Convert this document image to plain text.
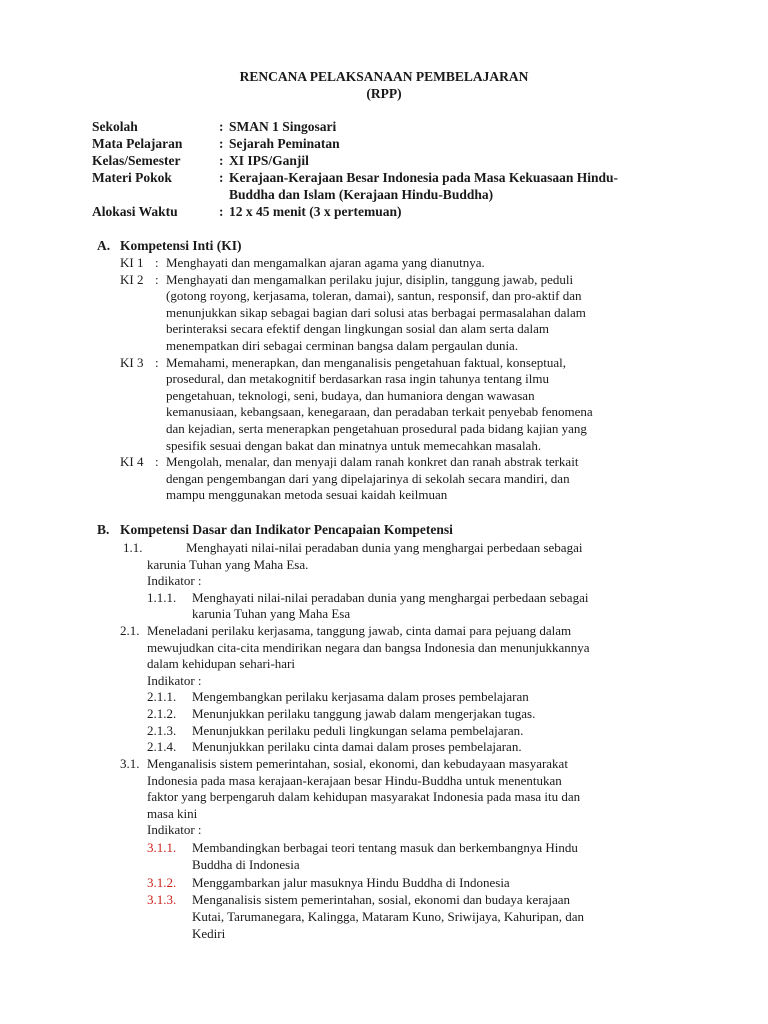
RENCANA PELAKSANAAN PEMBELAJARAN
(RPP)
Sekolah	: SMAN 1 Singosari
Mata Pelajaran	: Sejarah Peminatan
Kelas/Semester	: XI IPS/Ganjil
Materi Pokok	: Kerajaan-Kerajaan Besar Indonesia pada Masa Kekuasaan Hindu-
Buddha dan Islam (Kerajaan Hindu-Buddha)
Alokasi Waktu	: 12 x 45 menit (3 x pertemuan)
A. Kompetensi Inti (KI)
KI 1 : Menghayati dan mengamalkan ajaran agama yang dianutnya.
KI 2 : Menghayati dan mengamalkan perilaku jujur, disiplin, tanggung jawab, peduli
(gotong royong, kerjasama, toleran, damai), santun, responsif, dan pro-aktif dan
menunjukkan sikap sebagai bagian dari solusi atas berbagai permasalahan dalam
berinteraksi secara efektif dengan lingkungan sosial dan alam serta dalam
menempatkan diri sebagai cerminan bangsa dalam pergaulan dunia.
KI 3 : Memahami, menerapkan, dan menganalisis pengetahuan faktual, konseptual,
prosedural, dan metakognitif berdasarkan rasa ingin tahunya tentang ilmu
pengetahuan, teknologi, seni, budaya, dan humaniora dengan wawasan
kemanusiaan, kebangsaan, kenegaraan, dan peradaban terkait penyebab fenomena
dan kejadian, serta menerapkan pengetahuan prosedural pada bidang kajian yang
spesifik sesuai dengan bakat dan minatnya untuk memecahkan masalah.
KI 4 : Mengolah, menalar, dan menyaji dalam ranah konkret dan ranah abstrak terkait
dengan pengembangan dari yang dipelajarinya di sekolah secara mandiri, dan
mampu menggunakan metoda sesuai kaidah keilmuan
B. Kompetensi Dasar dan Indikator Pencapaian Kompetensi
1.1.	Menghayati nilai-nilai peradaban dunia yang menghargai perbedaan sebagai
karunia Tuhan yang Maha Esa.
Indikator :
1.1.1. Menghayati nilai-nilai peradaban dunia yang menghargai perbedaan sebagai
karunia Tuhan yang Maha Esa
2.1. Meneladani perilaku kerjasama, tanggung jawab, cinta damai para pejuang dalam
mewujudkan cita-cita mendirikan negara dan bangsa Indonesia dan menunjukkannya
dalam kehidupan sehari-hari
Indikator :
2.1.1. Mengembangkan perilaku kerjasama dalam proses pembelajaran
2.1.2. Menunjukkan perilaku tanggung jawab dalam mengerjakan tugas.
2.1.3. Menunjukkan perilaku peduli lingkungan selama pembelajaran.
2.1.4. Menunjukkan perilaku cinta damai dalam proses pembelajaran.
3.1. Menganalisis sistem pemerintahan, sosial, ekonomi, dan kebudayaan masyarakat
Indonesia pada masa kerajaan-kerajaan besar Hindu-Buddha untuk menentukan
faktor yang berpengaruh dalam kehidupan masyarakat Indonesia pada masa itu dan
masa kini
Indikator :
3.1.1. Membandingkan berbagai teori tentang masuk dan berkembangnya Hindu
Buddha di Indonesia
3.1.2. Menggambarkan jalur masuknya Hindu Buddha di Indonesia
3.1.3. Menganalisis sistem pemerintahan, sosial, ekonomi dan budaya kerajaan
Kutai, Tarumanegara, Kalingga, Mataram Kuno, Sriwijaya, Kahuripan, dan
Kediri
